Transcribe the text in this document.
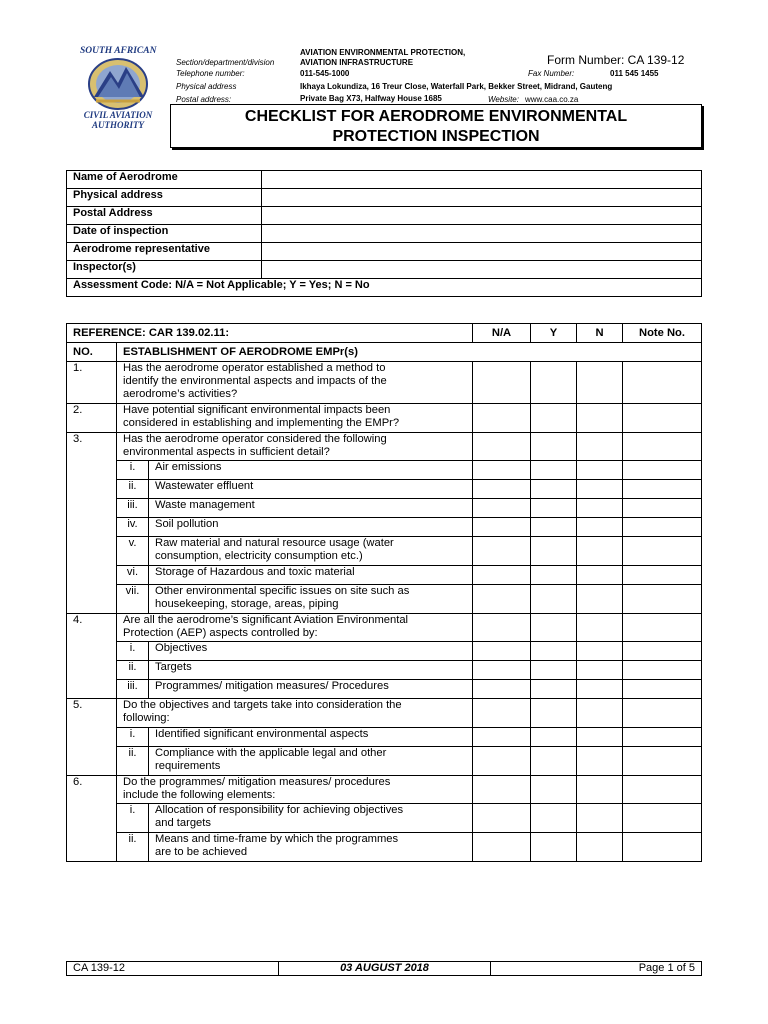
SOUTH AFRICAN
CIVIL AVIATION
AUTHORITY
AVIATION ENVIRONMENTAL PROTECTION,
Section/department/division	AVIATION INFRASTRUCTURE	Form Number: CA 139-12
Telephone number:	011-545-1000	Fax Number:	011 545 1455
Physical address	Ikhaya Lokundiza, 16 Treur Close, Waterfall Park, Bekker Street, Midrand, Gauteng
Postal address:	Private Bag X73, Halfway House 1685	Website: www.caa.co.za
CHECKLIST FOR AERODROME ENVIRONMENTAL
PROTECTION INSPECTION
Name of Aerodrome	
Physical address	
Postal Address	
Date of inspection	
Aerodrome representative	
Inspector(s)	
Assessment Code: N/A = Not Applicable; Y = Yes; N = No	
REFERENCE: CAR 139.02.11:			N/A	Y	N	Note No.
NO.	ESTABLISHMENT OF AERODROME EMPr(s)					
1.	Has the aerodrome operator established a method to
identify the environmental aspects and impacts of the
aerodrome’s activities?					

2.	Have potential significant environmental impacts been
considered in establishing and implementing the EMPr?					

3.	Has the aerodrome operator considered the following
environmental aspects in sufficient detail?					

	i.	Air emissions				
	ii.	Wastewater effluent				
	iii.	Waste management				
	iv.	Soil pollution				
	v.	Raw material and natural resource usage (water
consumption, electricity consumption etc.)				

	vi.	Storage of Hazardous and toxic material				
	vii.	Other environmental specific issues on site such as
housekeeping, storage, areas, piping				

4.	Are all the aerodrome’s significant Aviation Environmental
Protection (AEP) aspects controlled by:					

	i.	Objectives				
	ii.	Targets				
	iii.	Programmes/ mitigation measures/ Procedures				
5.	Do the objectives and targets take into consideration the
following:					

	i.	Identified significant environmental aspects				
	ii.	Compliance with the applicable legal and other
requirements				

6.	Do the programmes/ mitigation measures/ procedures
include the following elements:					

	i.	Allocation of responsibility for achieving objectives
and targets				

	ii.	Means and time-frame by which the programmes
are to be achieved				

CA 139-12	03 AUGUST 2018	Page 1 of 5
